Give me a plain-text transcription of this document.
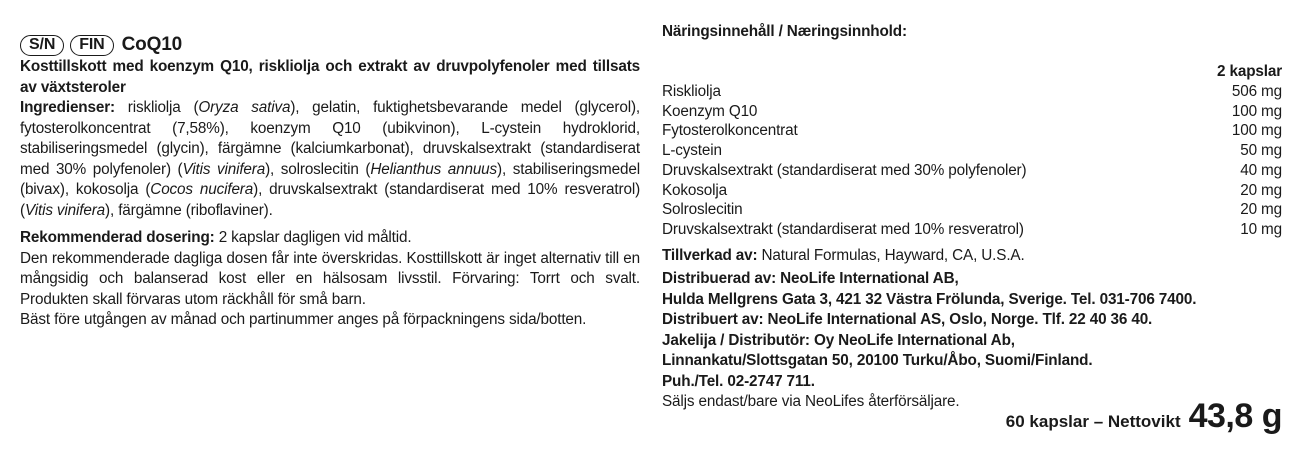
S/N	FIN CoQ10

Kosttillskott med koenzym Q10, riskliolja och extrakt av druvpolyfenoler med tillsats av växtsteroler

Ingredienser: riskliolja (Oryza sativa), gelatin, fuktighetsbevarande medel (glycerol), fytosterolkoncentrat (7,58%), koenzym Q10 (ubikvinon), L-cystein hydroklorid, stabiliseringsmedel (glycin), färgämne (kalciumkarbonat), druvskalsextrakt (standardiserat med 30% polyfenoler) (Vitis vinifera), solroslecitin (Helianthus annuus), stabiliseringsmedel (bivax), kokosolja (Cocos nucifera), druvskalsextrakt (standardiserat med 10% resveratrol) (Vitis vinifera), färgämne (riboflaviner).

Rekommenderad dosering: 2 kapslar dagligen vid måltid.

Den rekommenderade dagliga dosen får inte överskridas. Kosttillskott är inget alternativ till en mångsidig och balanserad kost eller en hälsosam livsstil. Förvaring: Torrt och svalt. Produkten skall förvaras utom räckhåll för små barn.

Bäst före utgången av månad och partinummer anges på förpackningens sida/botten.

Näringsinnehåll / Næringsinnhold:
2 kapslar
Riskliolja	506 mg
Koenzym Q10	100 mg
Fytosterolkoncentrat	100 mg
L-cystein	50 mg
Druvskalsextrakt (standardiserat med 30% polyfenoler)	40 mg
Kokosolja	20 mg
Solroslecitin	20 mg
Druvskalsextrakt (standardiserat med 10% resveratrol)	10 mg
Tillverkad av: Natural Formulas, Hayward, CA, U.S.A.
Distribuerad av: NeoLife International AB,
Hulda Mellgrens Gata 3, 421 32 Västra Frölunda, Sverige. Tel. 031-706 7400.
Distribuert av: NeoLife International AS, Oslo, Norge. Tlf. 22 40 36 40.
Jakelija / Distributör: Oy NeoLife International Ab,
Linnankatu/Slottsgatan 50, 20100 Turku/Åbo, Suomi/Finland.
Puh./Tel. 02-2747 711.
Säljs endast/bare via NeoLifes återförsäljare.
60 kapslar – Nettovikt 43,8 g
